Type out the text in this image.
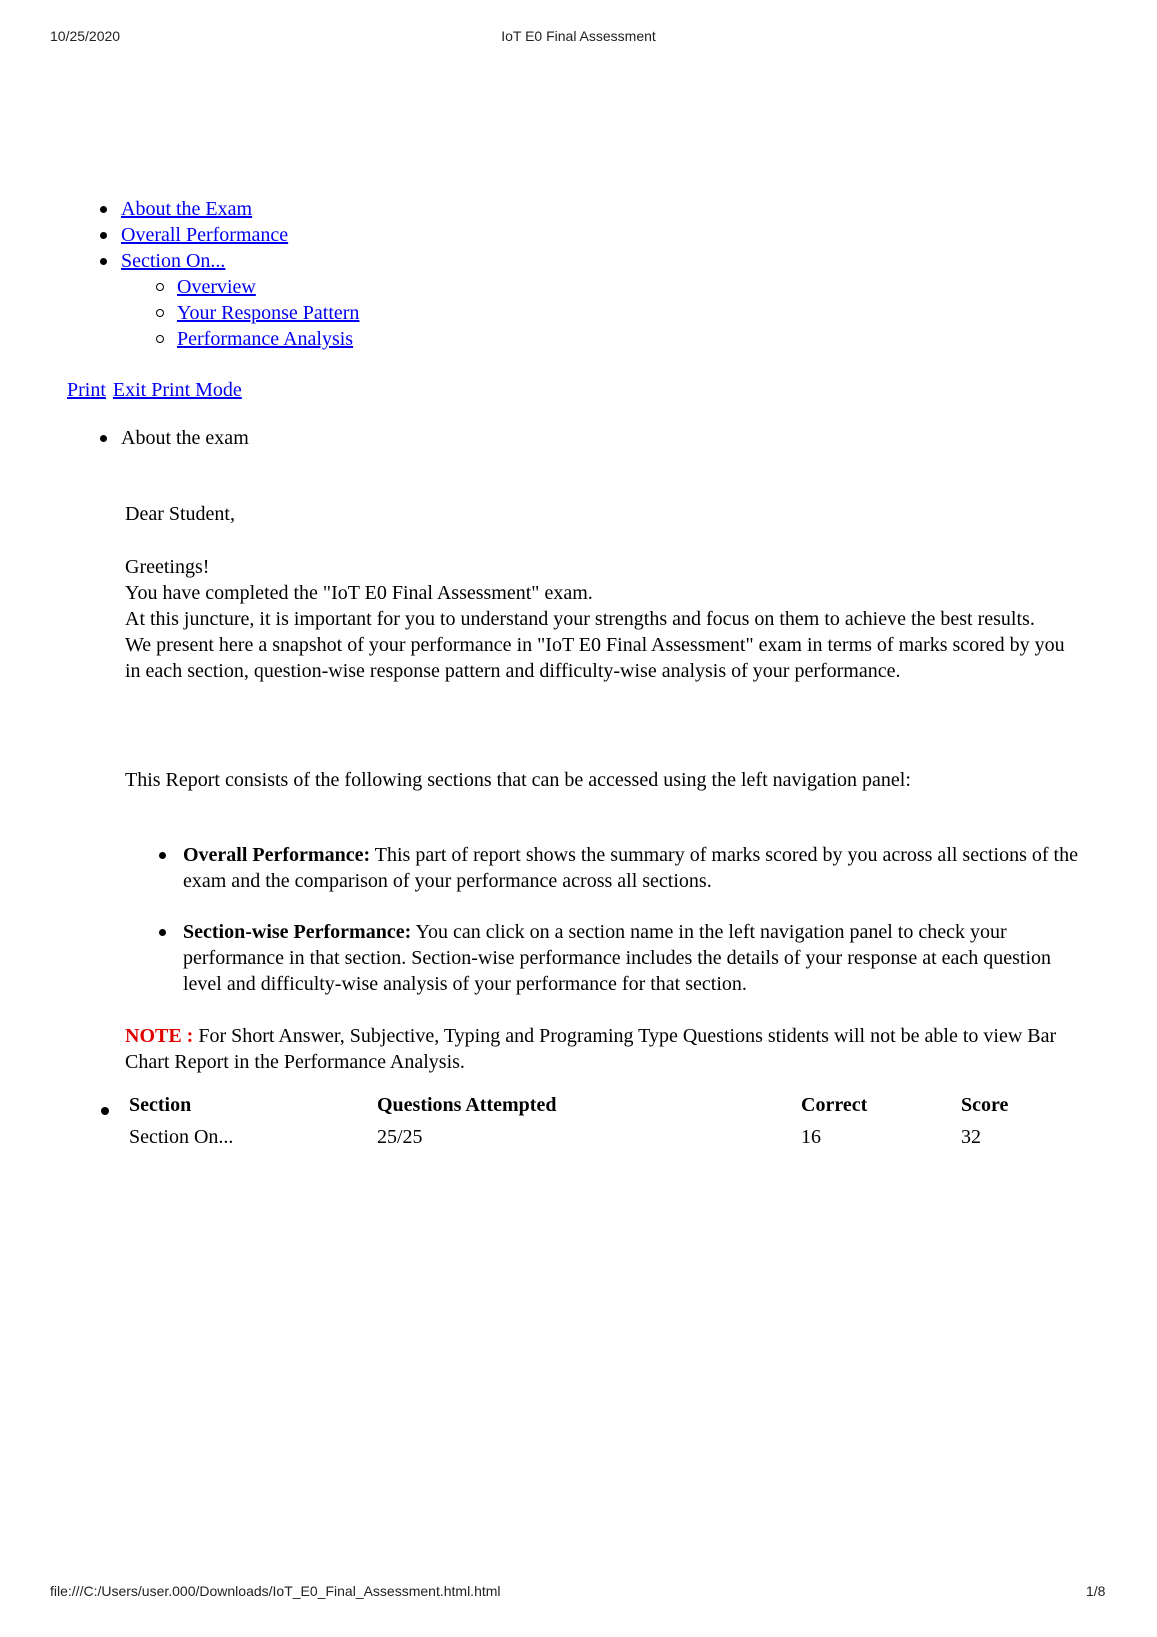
10/25/2020	IoT E0 Final Assessment
About the Exam
Overall Performance
Section On...
Overview
Your Response Pattern
Performance Analysis
Print Exit Print Mode
About the exam
Dear Student,
Greetings!
You have completed the "IoT E0 Final Assessment" exam.
At this juncture, it is important for you to understand your strengths and focus on them to achieve the best results.
We present here a snapshot of your performance in "IoT E0 Final Assessment" exam in terms of marks scored by you in each section, question-wise response pattern and difficulty-wise analysis of your performance.
This Report consists of the following sections that can be accessed using the left navigation panel:
Overall Performance: This part of report shows the summary of marks scored by you across all sections of the exam and the comparison of your performance across all sections.
Section-wise Performance: You can click on a section name in the left navigation panel to check your performance in that section. Section-wise performance includes the details of your response at each question level and difficulty-wise analysis of your performance for that section.
NOTE : For Short Answer, Subjective, Typing and Programing Type Questions stidents will not be able to view Bar Chart Report in the Performance Analysis.
Section	Questions Attempted	Correct	Score
Section On...	25/25	16	32
file:///C:/Users/user.000/Downloads/IoT_E0_Final_Assessment.html.html	1/8
